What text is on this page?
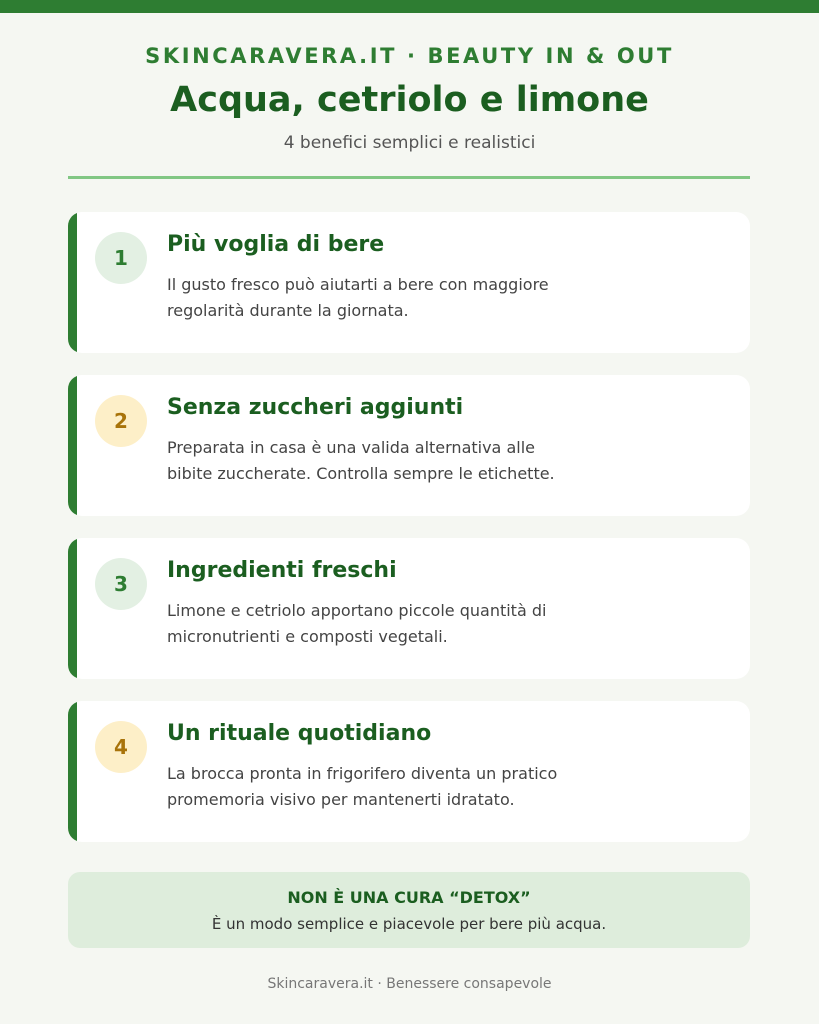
SKINCARAVERA.IT · BEAUTY IN & OUT
Acqua, cetriolo e limone
4 benefici semplici e realistici
1
Più voglia di bere
Il gusto fresco può aiutarti a bere con maggiore
regolarità durante la giornata.
2
Senza zuccheri aggiunti
Preparata in casa è una valida alternativa alle
bibite zuccherate. Controlla sempre le etichette.
3
Ingredienti freschi
Limone e cetriolo apportano piccole quantità di
micronutrienti e composti vegetali.
4
Un rituale quotidiano
La brocca pronta in frigorifero diventa un pratico
promemoria visivo per mantenerti idratato.
NON È UNA CURA “DETOX”
È un modo semplice e piacevole per bere più acqua.
Skincaravera.it · Benessere consapevole
